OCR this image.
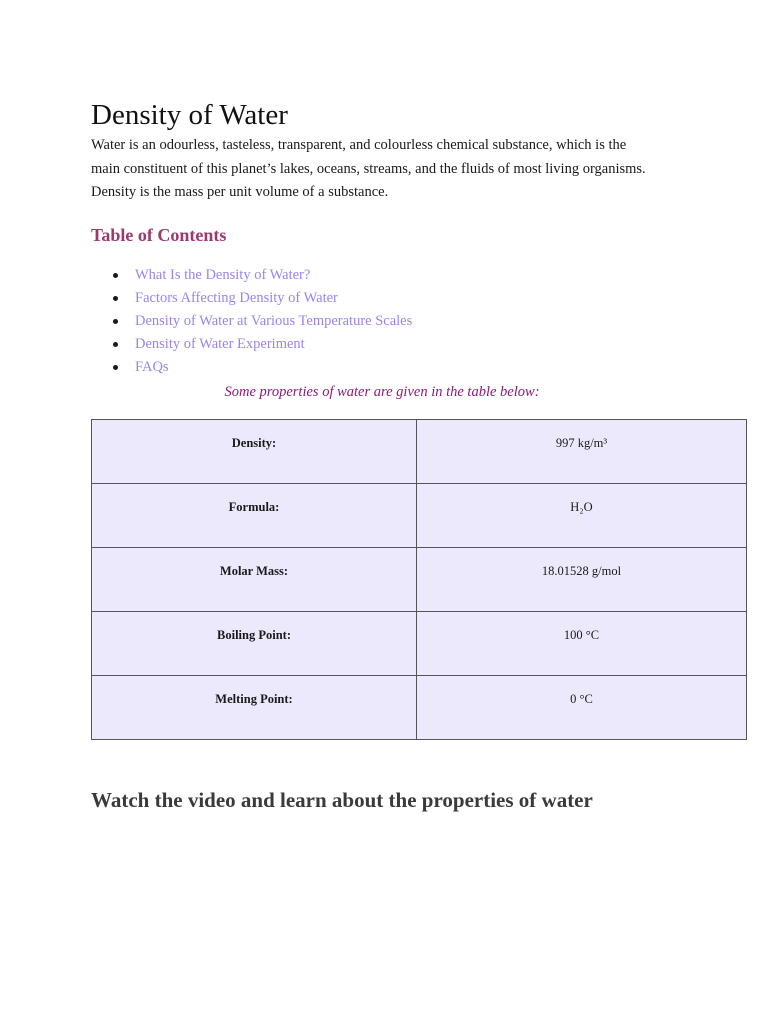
Density of Water

Water is an odourless, tasteless, transparent, and colourless chemical substance, which is the main constituent of this planet’s lakes, oceans, streams, and the fluids of most living organisms. Density is the mass per unit volume of a substance.

Table of Contents
What Is the Density of Water?
Factors Affecting Density of Water
Density of Water at Various Temperature Scales
Density of Water Experiment
FAQs

Some properties of water are given in the table below:

Density:	997 kg/m³

Formula:	H₂O

Molar Mass:	18.01528 g/mol

Boiling Point:	100 °C

Melting Point:	0 °C
Watch the video and learn about the properties of water
